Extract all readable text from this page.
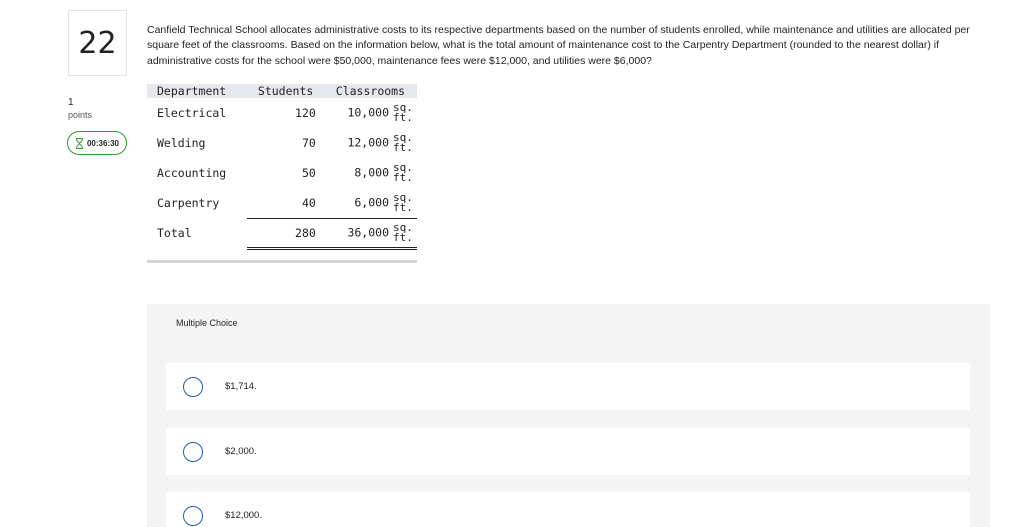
22
1
points
00:36:30
Canfield Technical School allocates administrative costs to its respective departments based on the number of students enrolled, while maintenance and utilities are allocated per square feet of the classrooms. Based on the information below, what is the total amount of maintenance cost to the Carpentry Department (rounded to the nearest dollar) if administrative costs for the school were $50,000, maintenance fees were $12,000, and utilities were $6,000?
Department	Students	Classrooms
Electrical	120	10,000 sq.
ft.
Welding	70	12,000 sq.
ft.
Accounting	50	8,000 sq.
ft.
Carpentry	40	6,000 sq.
ft.
Total	280	36,000 sq.
ft.
Multiple Choice
$1,714.
$2,000.
$12,000.
